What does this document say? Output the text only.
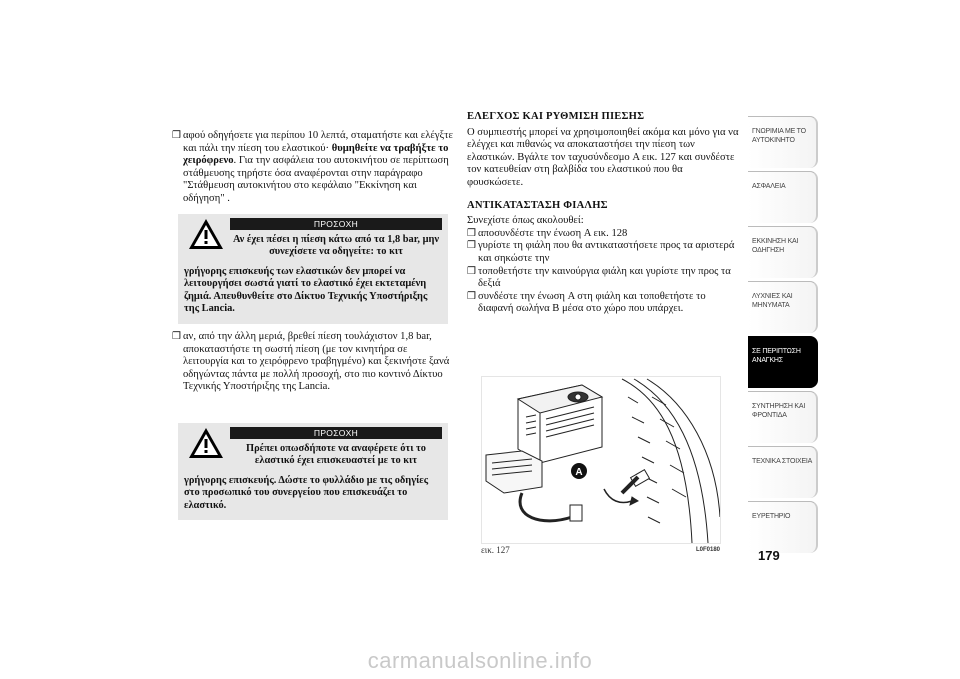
❒ αφού οδηγήσετε για περίπου 10 λεπτά, σταματήστε και ελέγξτε και πάλι την πίεση του ελαστικού· θυμηθείτε να τραβήξτε το χειρόφρενο. Για την ασφάλεια του αυτοκινήτου σε περίπτωση στάθμευσης τηρήστε όσα αναφέρονται στην παράγραφο "Στάθμευση αυτοκινήτου στο κεφάλαιο "Εκκίνηση και οδήγηση" .
ΠΡΟΣΟΧΗ
Αν έχει πέσει η πίεση κάτω από τα 1,8 bar, μην συνεχίσετε να οδηγείτε: το κιτ
γρήγορης επισκευής των ελαστικών δεν μπορεί να λειτουργήσει σωστά γιατί το ελαστικό έχει εκτεταμένη ζημιά. Απευθυνθείτε στο Δίκτυο Τεχνικής Υποστήριξης της Lancia.
❒ αν, από την άλλη μεριά, βρεθεί πίεση τουλάχιστον 1,8 bar, αποκαταστήστε τη σωστή πίεση (με τον κινητήρα σε λειτουργία και το χειρόφρενο τραβηγμένο) και ξεκινήστε ξανά οδηγώντας πάντα με πολλή προσοχή, στο πιο κοντινό Δίκτυο Τεχνικής Υποστήριξης της Lancia.
ΠΡΟΣΟΧΗ
Πρέπει οπωσδήποτε να αναφέρετε ότι το ελαστικό έχει επισκευαστεί με το κιτ
γρήγορης επισκευής. Δώστε το φυλλάδιο με τις οδηγίες στο προσωπικό του συνεργείου που επισκευάζει το ελαστικό.
ΕΛΕΓΧΟΣ ΚΑΙ ΡΥΘΜΙΣΗ ΠΙΕΣΗΣ

Ο συμπιεστής μπορεί να χρησιμοποιηθεί ακόμα και μόνο για να ελέγχει και πιθανώς να αποκαταστήσει την πίεση των ελαστικών. Βγάλτε τον ταχυσύνδεσμο A εικ. 127 και συνδέστε τον κατευθείαν στη βαλβίδα του ελαστικού που θα φουσκώσετε.

ΑΝΤΙΚΑΤΑΣΤΑΣΗ ΦΙΑΛΗΣ

Συνεχίστε όπως ακολουθεί:

❒ αποσυνδέστε την ένωση A εικ. 128
❒ γυρίστε τη φιάλη που θα αντικαταστήσετε προς τα αριστερά και σηκώστε την
❒ τοποθετήστε την καινούργια φιάλη και γυρίστε την προς τα δεξιά
❒ συνδέστε την ένωση A στη φιάλη και τοποθετήστε το διαφανή σωλήνα B μέσα στο χώρο που υπάρχει.
A
εικ. 127	L0F0180
ΓΝΩΡΙΜΙΑ ΜΕ ΤΟ ΑΥΤΟΚΙΝΗΤΟ
ΑΣΦΑΛΕΙΑ
ΕΚΚΙΝΗΣΗ ΚΑΙ ΟΔΗΓΗΣΗ
ΛΥΧΝΙΕΣ ΚΑΙ ΜΗΝΥΜΑΤΑ
ΣΕ ΠΕΡΙΠΤΩΣΗ ΑΝΑΓΚΗΣ
ΣΥΝΤΗΡΗΣΗ ΚΑΙ ΦΡΟΝΤΙΔΑ
ΤΕΧΝΙΚΑ ΣΤΟΙΧΕΙΑ
ΕΥΡΕΤΗΡΙΟ
179
carmanualsonline.info
